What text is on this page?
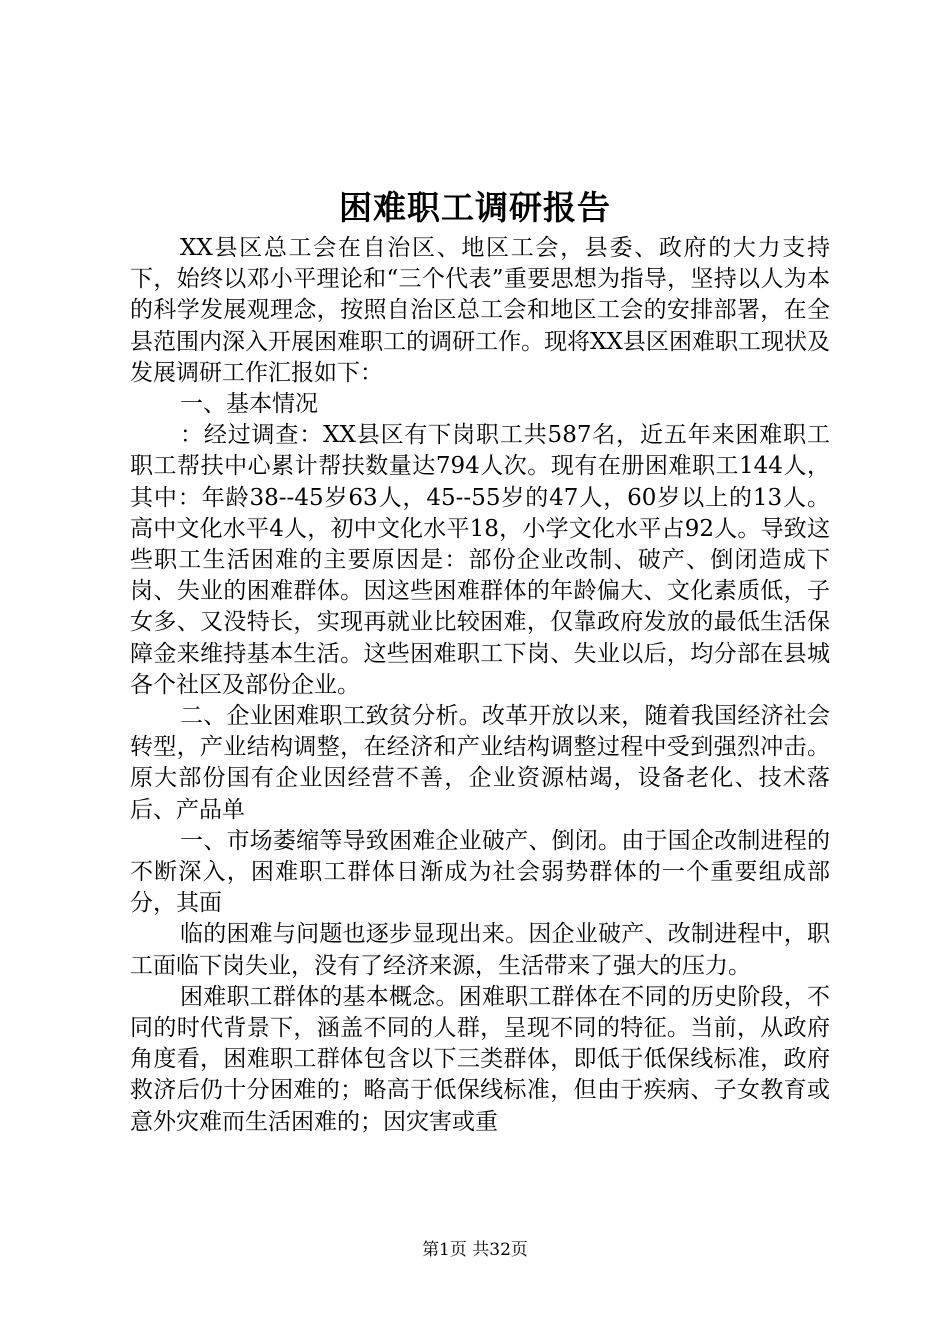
困难职工调研报告

XX县区总工会在自治区、地区工会，县委、政府的大力支持下，始终以邓小平理论和“三个代表”重要思想为指导，坚持以人为本的科学发展观理念，按照自治区总工会和地区工会的安排部署，在全县范围内深入开展困难职工的调研工作。现将XX县区困难职工现状及发展调研工作汇报如下：

一、基本情况

：经过调查：XX县区有下岗职工共587名，近五年来困难职工职工帮扶中心累计帮扶数量达794人次。现有在册困难职工144人，其中：年龄38--45岁63人，45--55岁的47人，60岁以上的13人。高中文化水平4人，初中文化水平18，小学文化水平占92人。导致这些职工生活困难的主要原因是：部份企业改制、破产、倒闭造成下岗、失业的困难群体。因这些困难群体的年龄偏大、文化素质低，子女多、又没特长，实现再就业比较困难，仅靠政府发放的最低生活保障金来维持基本生活。这些困难职工下岗、失业以后，均分部在县城各个社区及部份企业。

二、企业困难职工致贫分析。改革开放以来，随着我国经济社会转型，产业结构调整，在经济和产业结构调整过程中受到强烈冲击。原大部份国有企业因经营不善，企业资源枯竭，设备老化、技术落后、产品单

一、市场萎缩等导致困难企业破产、倒闭。由于国企改制进程的不断深入，困难职工群体日渐成为社会弱势群体的一个重要组成部分，其面

临的困难与问题也逐步显现出来。因企业破产、改制进程中，职工面临下岗失业，没有了经济来源，生活带来了强大的压力。

困难职工群体的基本概念。困难职工群体在不同的历史阶段，不同的时代背景下，涵盖不同的人群，呈现不同的特征。当前，从政府角度看，困难职工群体包含以下三类群体，即低于低保线标准，政府救济后仍十分困难的；略高于低保线标准，但由于疾病、子女教育或意外灾难而生活困难的；因灾害或重

第1页 共32页
